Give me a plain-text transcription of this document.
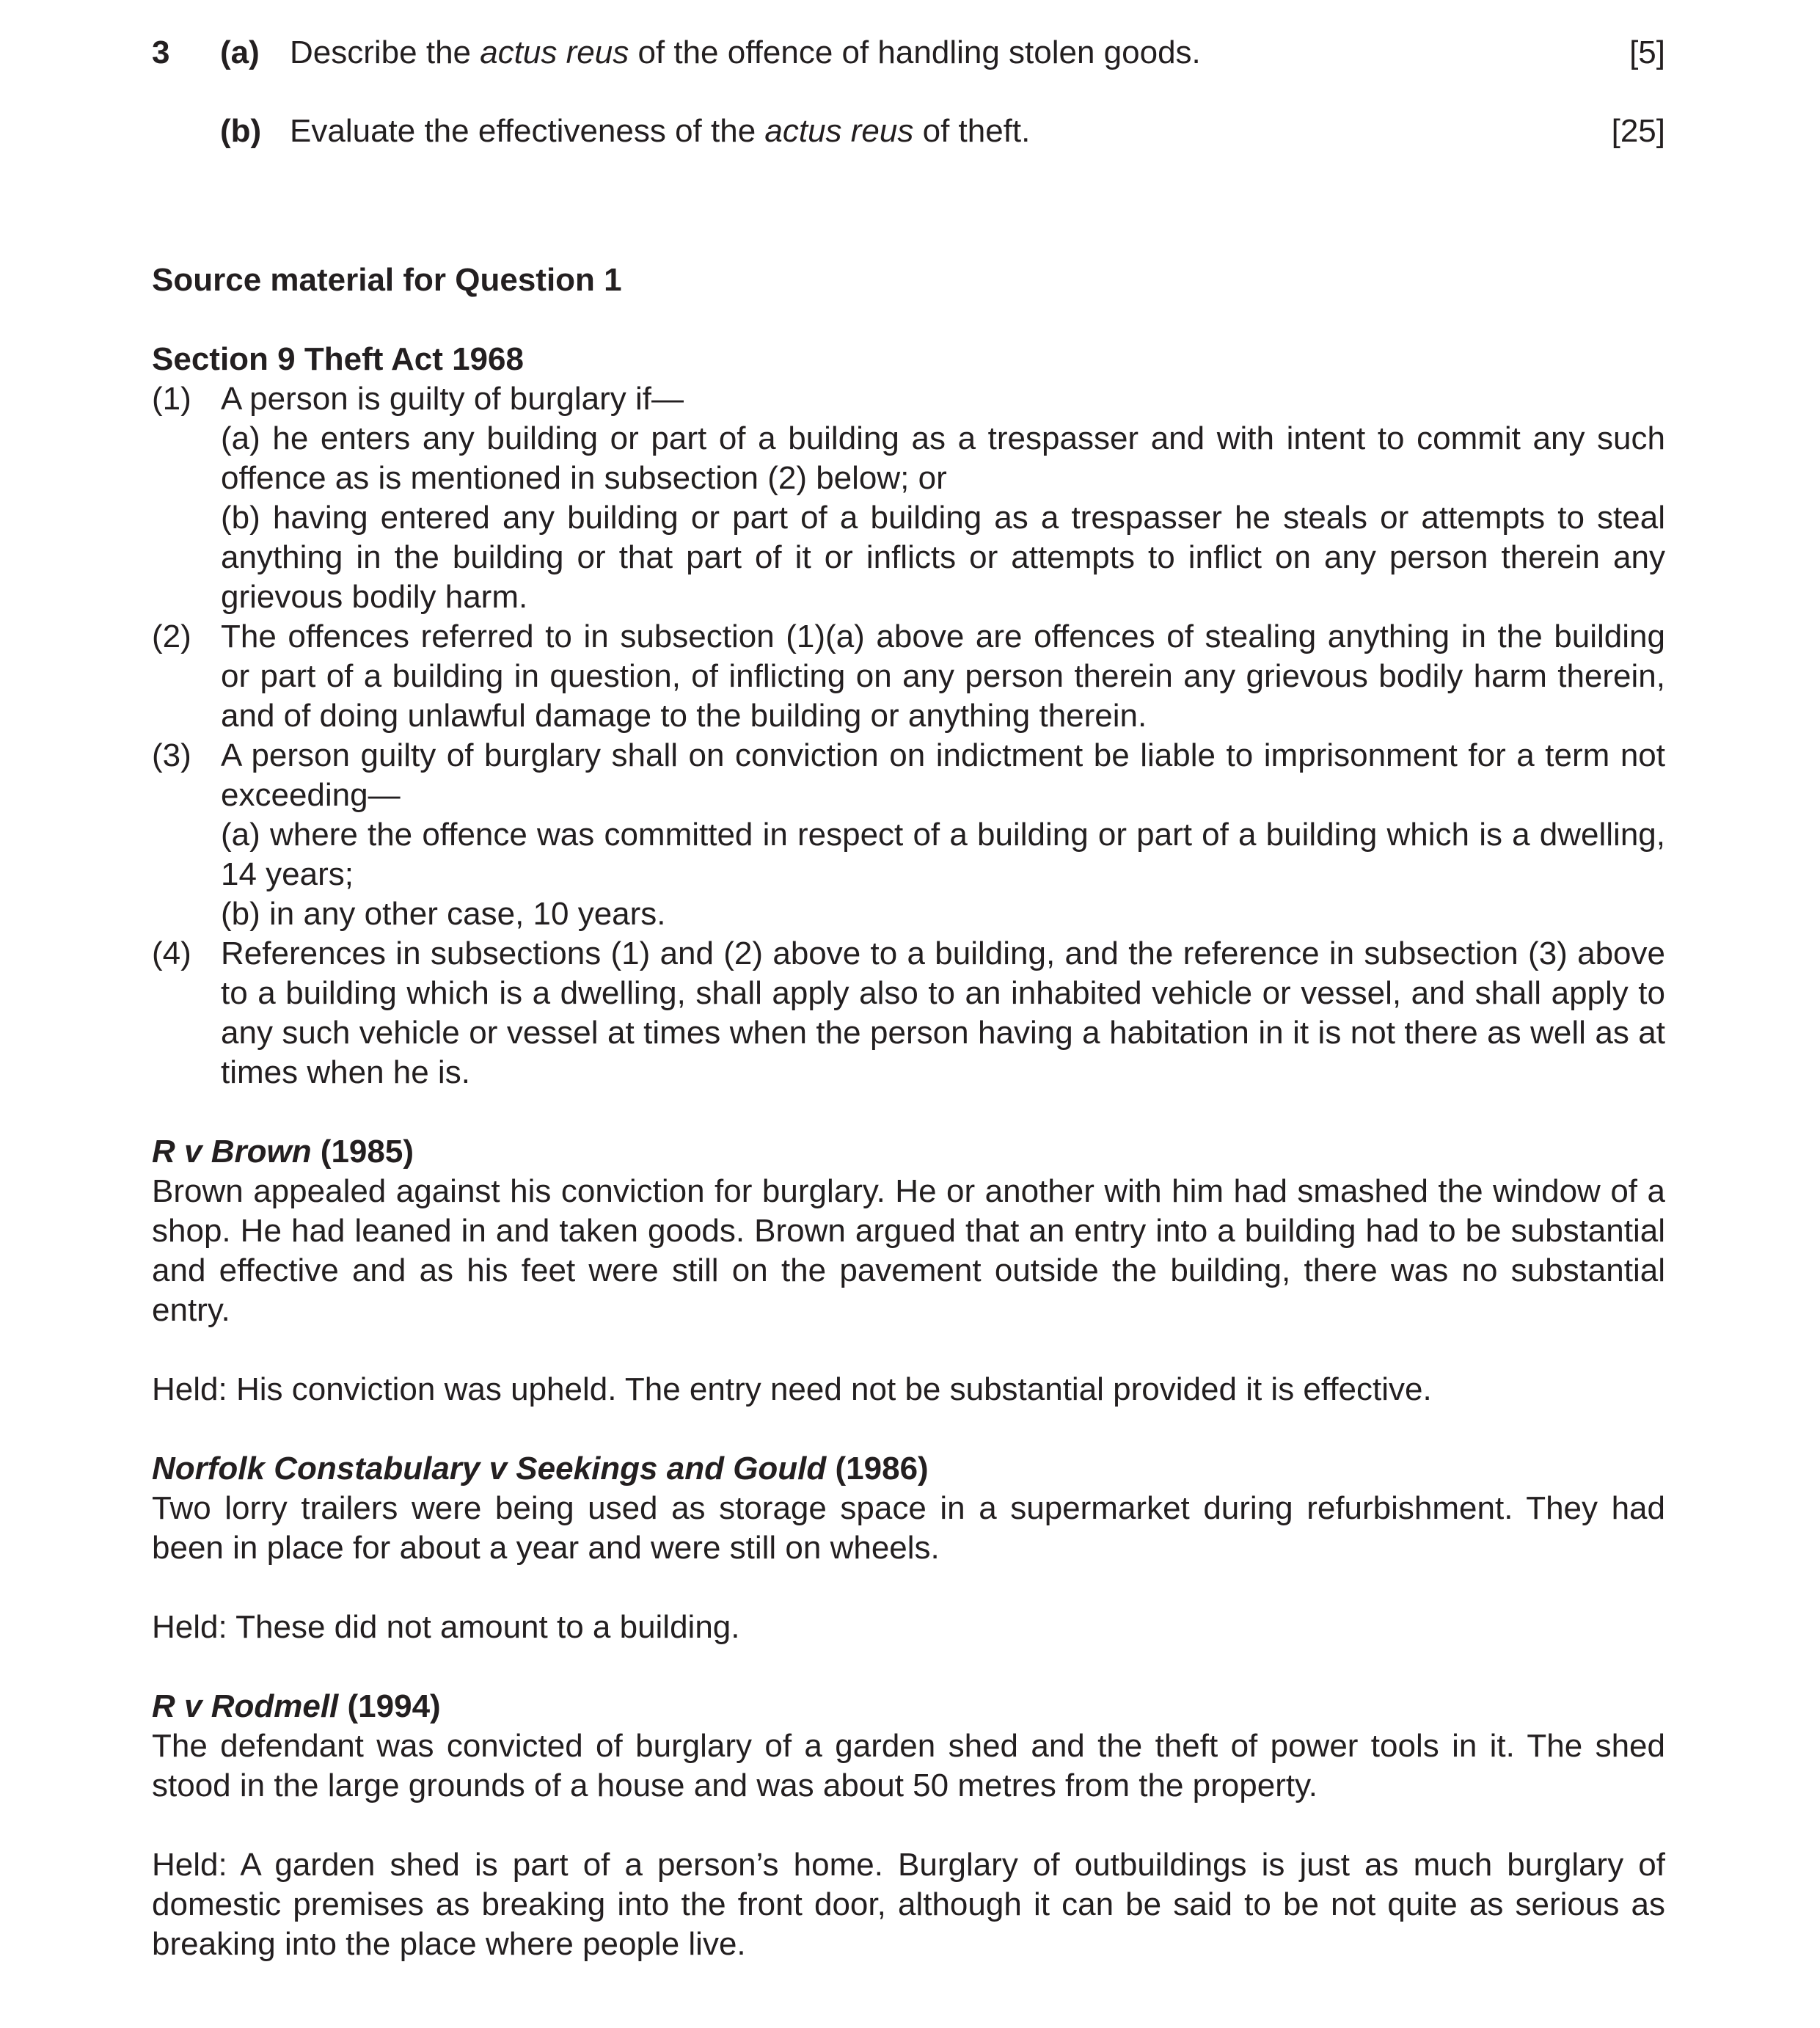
3 (a) Describe the actus reus of the offence of handling stolen goods.	[5]
(b) Evaluate the effectiveness of the actus reus of theft.	[25]
Source material for Question 1
Section 9 Theft Act 1968
(1) A person is guilty of burglary if—
(a) he enters any building or part of a building as a trespasser and with intent to commit any such offence as is mentioned in subsection (2) below; or
(b) having entered any building or part of a building as a trespasser he steals or attempts to steal anything in the building or that part of it or inflicts or attempts to inflict on any person therein any grievous bodily harm.
(2) The offences referred to in subsection (1)(a) above are offences of stealing anything in the building or part of a building in question, of inflicting on any person therein any grievous bodily harm therein, and of doing unlawful damage to the building or anything therein.
(3) A person guilty of burglary shall on conviction on indictment be liable to imprisonment for a term not exceeding—
(a) where the offence was committed in respect of a building or part of a building which is a dwelling, 14 years;
(b) in any other case, 10 years.
(4) References in subsections (1) and (2) above to a building, and the reference in subsection (3) above to a building which is a dwelling, shall apply also to an inhabited vehicle or vessel, and shall apply to any such vehicle or vessel at times when the person having a habitation in it is not there as well as at times when he is.
R v Brown (1985)

Brown appealed against his conviction for burglary. He or another with him had smashed the window of a shop. He had leaned in and taken goods. Brown argued that an entry into a building had to be substantial and effective and as his feet were still on the pavement outside the building, there was no substantial entry.

Held: His conviction was upheld. The entry need not be substantial provided it is effective.

Norfolk Constabulary v Seekings and Gould (1986)

Two lorry trailers were being used as storage space in a supermarket during refurbishment. They had been in place for about a year and were still on wheels.

Held: These did not amount to a building.

R v Rodmell (1994)

The defendant was convicted of burglary of a garden shed and the theft of power tools in it. The shed stood in the large grounds of a house and was about 50 metres from the property.

Held: A garden shed is part of a person’s home. Burglary of outbuildings is just as much burglary of domestic premises as breaking into the front door, although it can be said to be not quite as serious as breaking into the place where people live.
